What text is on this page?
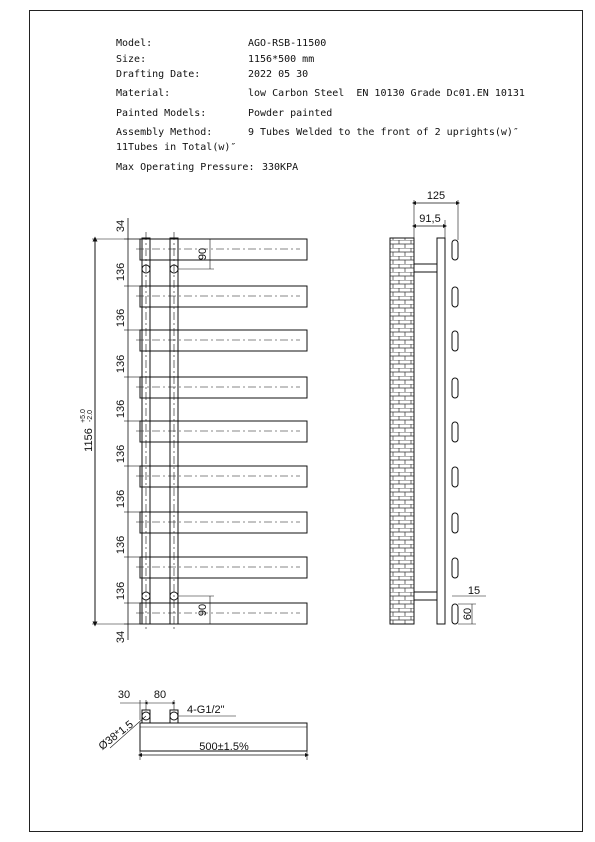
Model:	AGO-RSB-11500
Size:	1156*500 mm
Drafting Date:	2022 05 30
Material:	low Carbon Steel  EN 10130 Grade Dc01.EN 10131
Painted Models:	Powder painted
Assembly Method:	9 Tubes Welded to the front of 2 uprights(w)″
11Tubes in Total(w)″
Max Operating Pressure: 330KPA
34
136
136
136
136
136
136
136
136
34
1156
+5.0 -2.0
90
90
125
91,5
15
60
30 80
4-G1/2"
Ø38*1.5	500±1.5%
